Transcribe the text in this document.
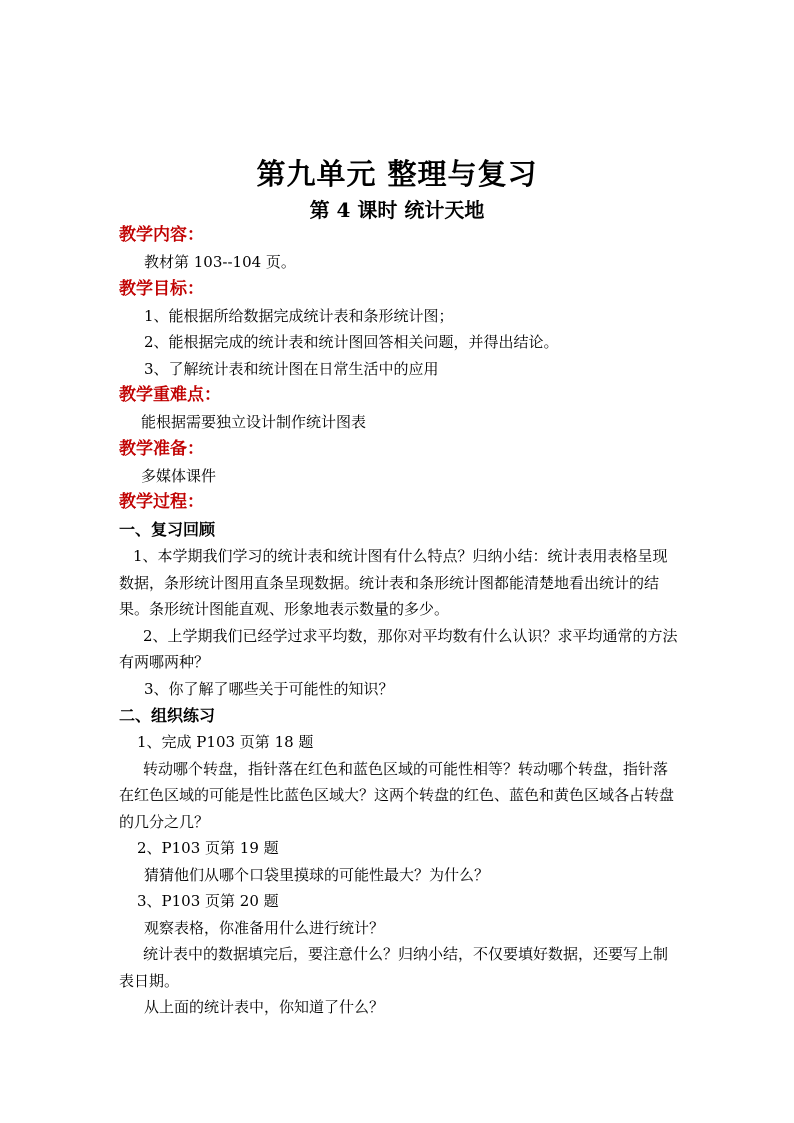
第九单元 整理与复习
第 4 课时 统计天地

教学内容：

教材第 103--104 页。

教学目标：

1、能根据所给数据完成统计表和条形统计图；

2、能根据完成的统计表和统计图回答相关问题，并得出结论。

3、了解统计表和统计图在日常生活中的应用

教学重难点：

能根据需要独立设计制作统计图表

教学准备：

多媒体课件

教学过程：

一、复习回顾

1、本学期我们学习的统计表和统计图有什么特点？归纳小结：统计表用表格呈现数据，条形统计图用直条呈现数据。统计表和条形统计图都能清楚地看出统计的结果。条形统计图能直观、形象地表示数量的多少。

2、上学期我们已经学过求平均数，那你对平均数有什么认识？求平均通常的方法有两哪两种？

3、你了解了哪些关于可能性的知识？

二、组织练习

1、完成 P103 页第 18 题

转动哪个转盘，指针落在红色和蓝色区域的可能性相等？转动哪个转盘，指针落在红色区域的可能是性比蓝色区域大？这两个转盘的红色、蓝色和黄色区域各占转盘的几分之几？

2、P103 页第 19 题

猜猜他们从哪个口袋里摸球的可能性最大？为什么？

3、P103 页第 20 题

观察表格，你准备用什么进行统计？

统计表中的数据填完后，要注意什么？归纳小结，不仅要填好数据，还要写上制表日期。

从上面的统计表中，你知道了什么？
